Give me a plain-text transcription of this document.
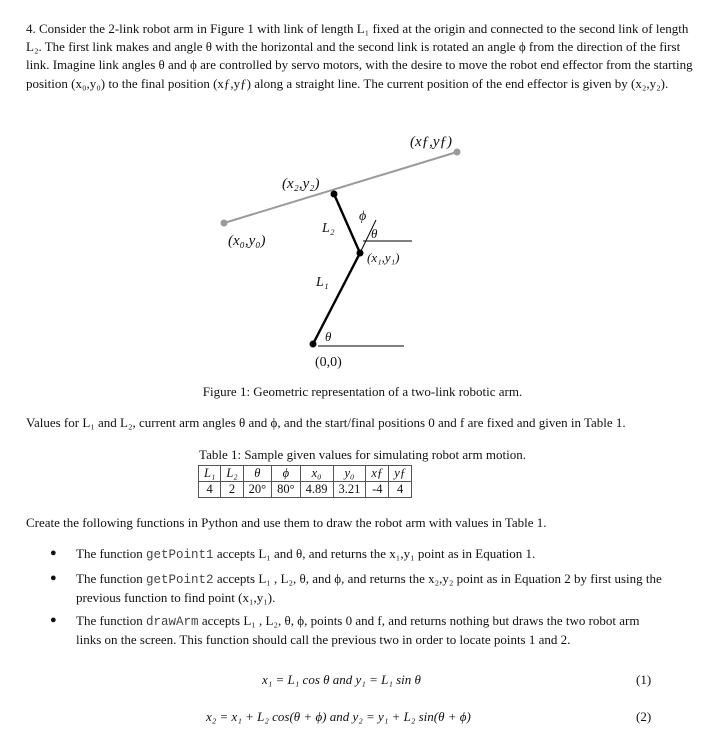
4. Consider the 2-link robot arm in Figure 1 with link of length L₁ fixed at the origin and connected to the second link of length L₂. The first link makes and angle θ with the horizontal and the second link is rotated an angle ϕ from the direction of the first link. Imagine link angles θ and ϕ are controlled by servo motors, with the desire to move the robot end effector from the starting position (x₀,y₀) to the final position (xƒ,yƒ) along a straight line. The current position of the end effector is given by (x₂,y₂).
(xƒ,yƒ)
(x₂,y₂)
(x₀,y₀)
(x₁,y₁)
L₂
L₁
ϕ
θ
θ
(0,0)
Figure 1: Geometric representation of a two-link robotic arm.
Values for L₁ and L₂, current arm angles θ and ϕ, and the start/final positions 0 and f are fixed and given in Table 1.
Table 1: Sample given values for simulating robot arm motion.
L₁	L₂	θ	ϕ	x₀	y₀	xƒ	yƒ
4	2	20°	80°	4.89	3.21	-4	4
Create the following functions in Python and use them to draw the robot arm with values in Table 1.
● The function getPoint1 accepts L₁ and θ, and returns the x₁,y₁ point as in Equation 1.
● The function getPoint2 accepts L₁ , L₂, θ, and ϕ, and returns the x₂,y₂ point as in Equation 2 by first using the previous function to find point (x₁,y₁).
● The function drawArm accepts L₁ , L₂, θ, ϕ, points 0 and f, and returns nothing but draws the two robot arm links on the screen. This function should call the previous two in order to locate points 1 and 2.
x₁ = L₁ cos θ and y₁ = L₁ sin θ	(1)
x₂ = x₁ + L₂ cos(θ + ϕ) and y₂ = y₁ + L₂ sin(θ + ϕ)	(2)
